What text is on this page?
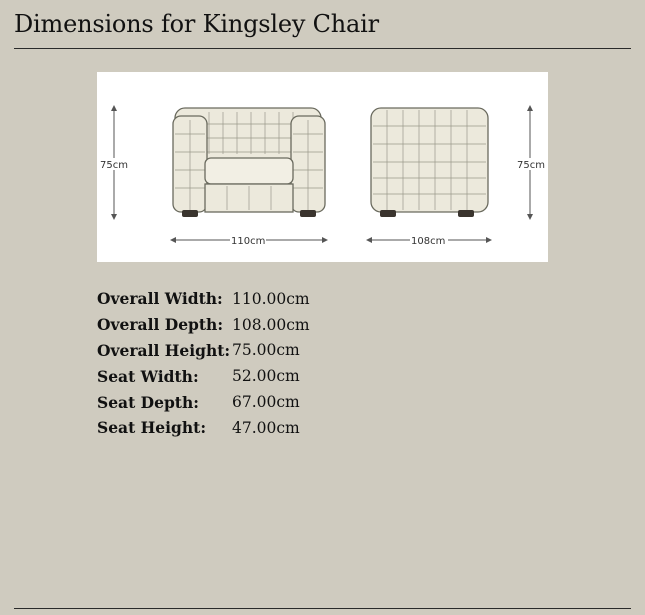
Dimensions for Kingsley Chair
75cm
110cm
75cm
108cm
Overall Width:	110.00cm
Overall Depth:	108.00cm
Overall Height:	75.00cm
Seat Width:	52.00cm
Seat Depth:	67.00cm
Seat Height:	47.00cm
